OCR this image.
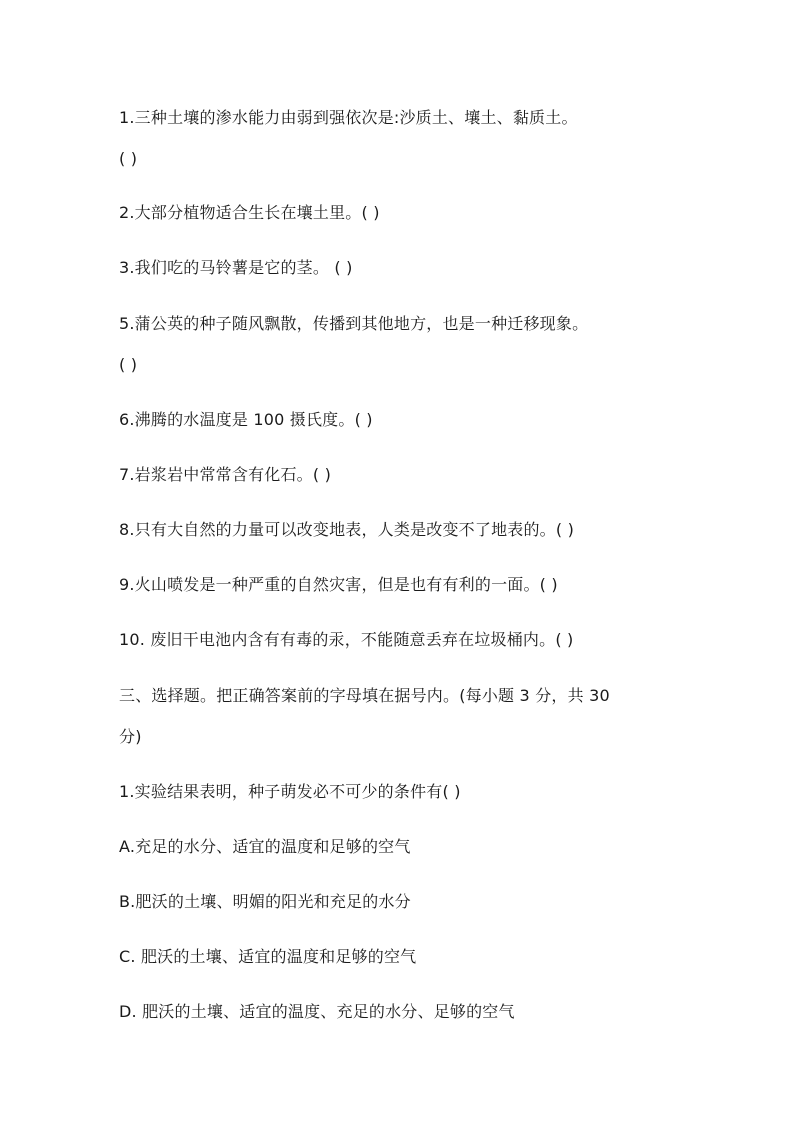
1.三种土壤的渗水能力由弱到强依次是:沙质土、壤土、黏质土。
( )
2.大部分植物适合生长在壤土里。( )
3.我们吃的马铃薯是它的茎。 ( )
5.蒲公英的种子随风飘散，传播到其他地方，也是一种迁移现象。
( )
6.沸腾的水温度是 100 摄氏度。( )
7.岩浆岩中常常含有化石。( )
8.只有大自然的力量可以改变地表，人类是改变不了地表的。( )
9.火山喷发是一种严重的自然灾害，但是也有有利的一面。( )
10. 废旧干电池内含有有毒的汞，不能随意丢弃在垃圾桶内。( )
三、选择题。把正确答案前的字母填在据号内。(每小题 3 分，共 30
分)
1.实验结果表明，种子萌发必不可少的条件有( )
A.充足的水分、适宜的温度和足够的空气
B.肥沃的土壤、明媚的阳光和充足的水分
C. 肥沃的土壤、适宜的温度和足够的空气
D. 肥沃的土壤、适宜的温度、充足的水分、足够的空气
